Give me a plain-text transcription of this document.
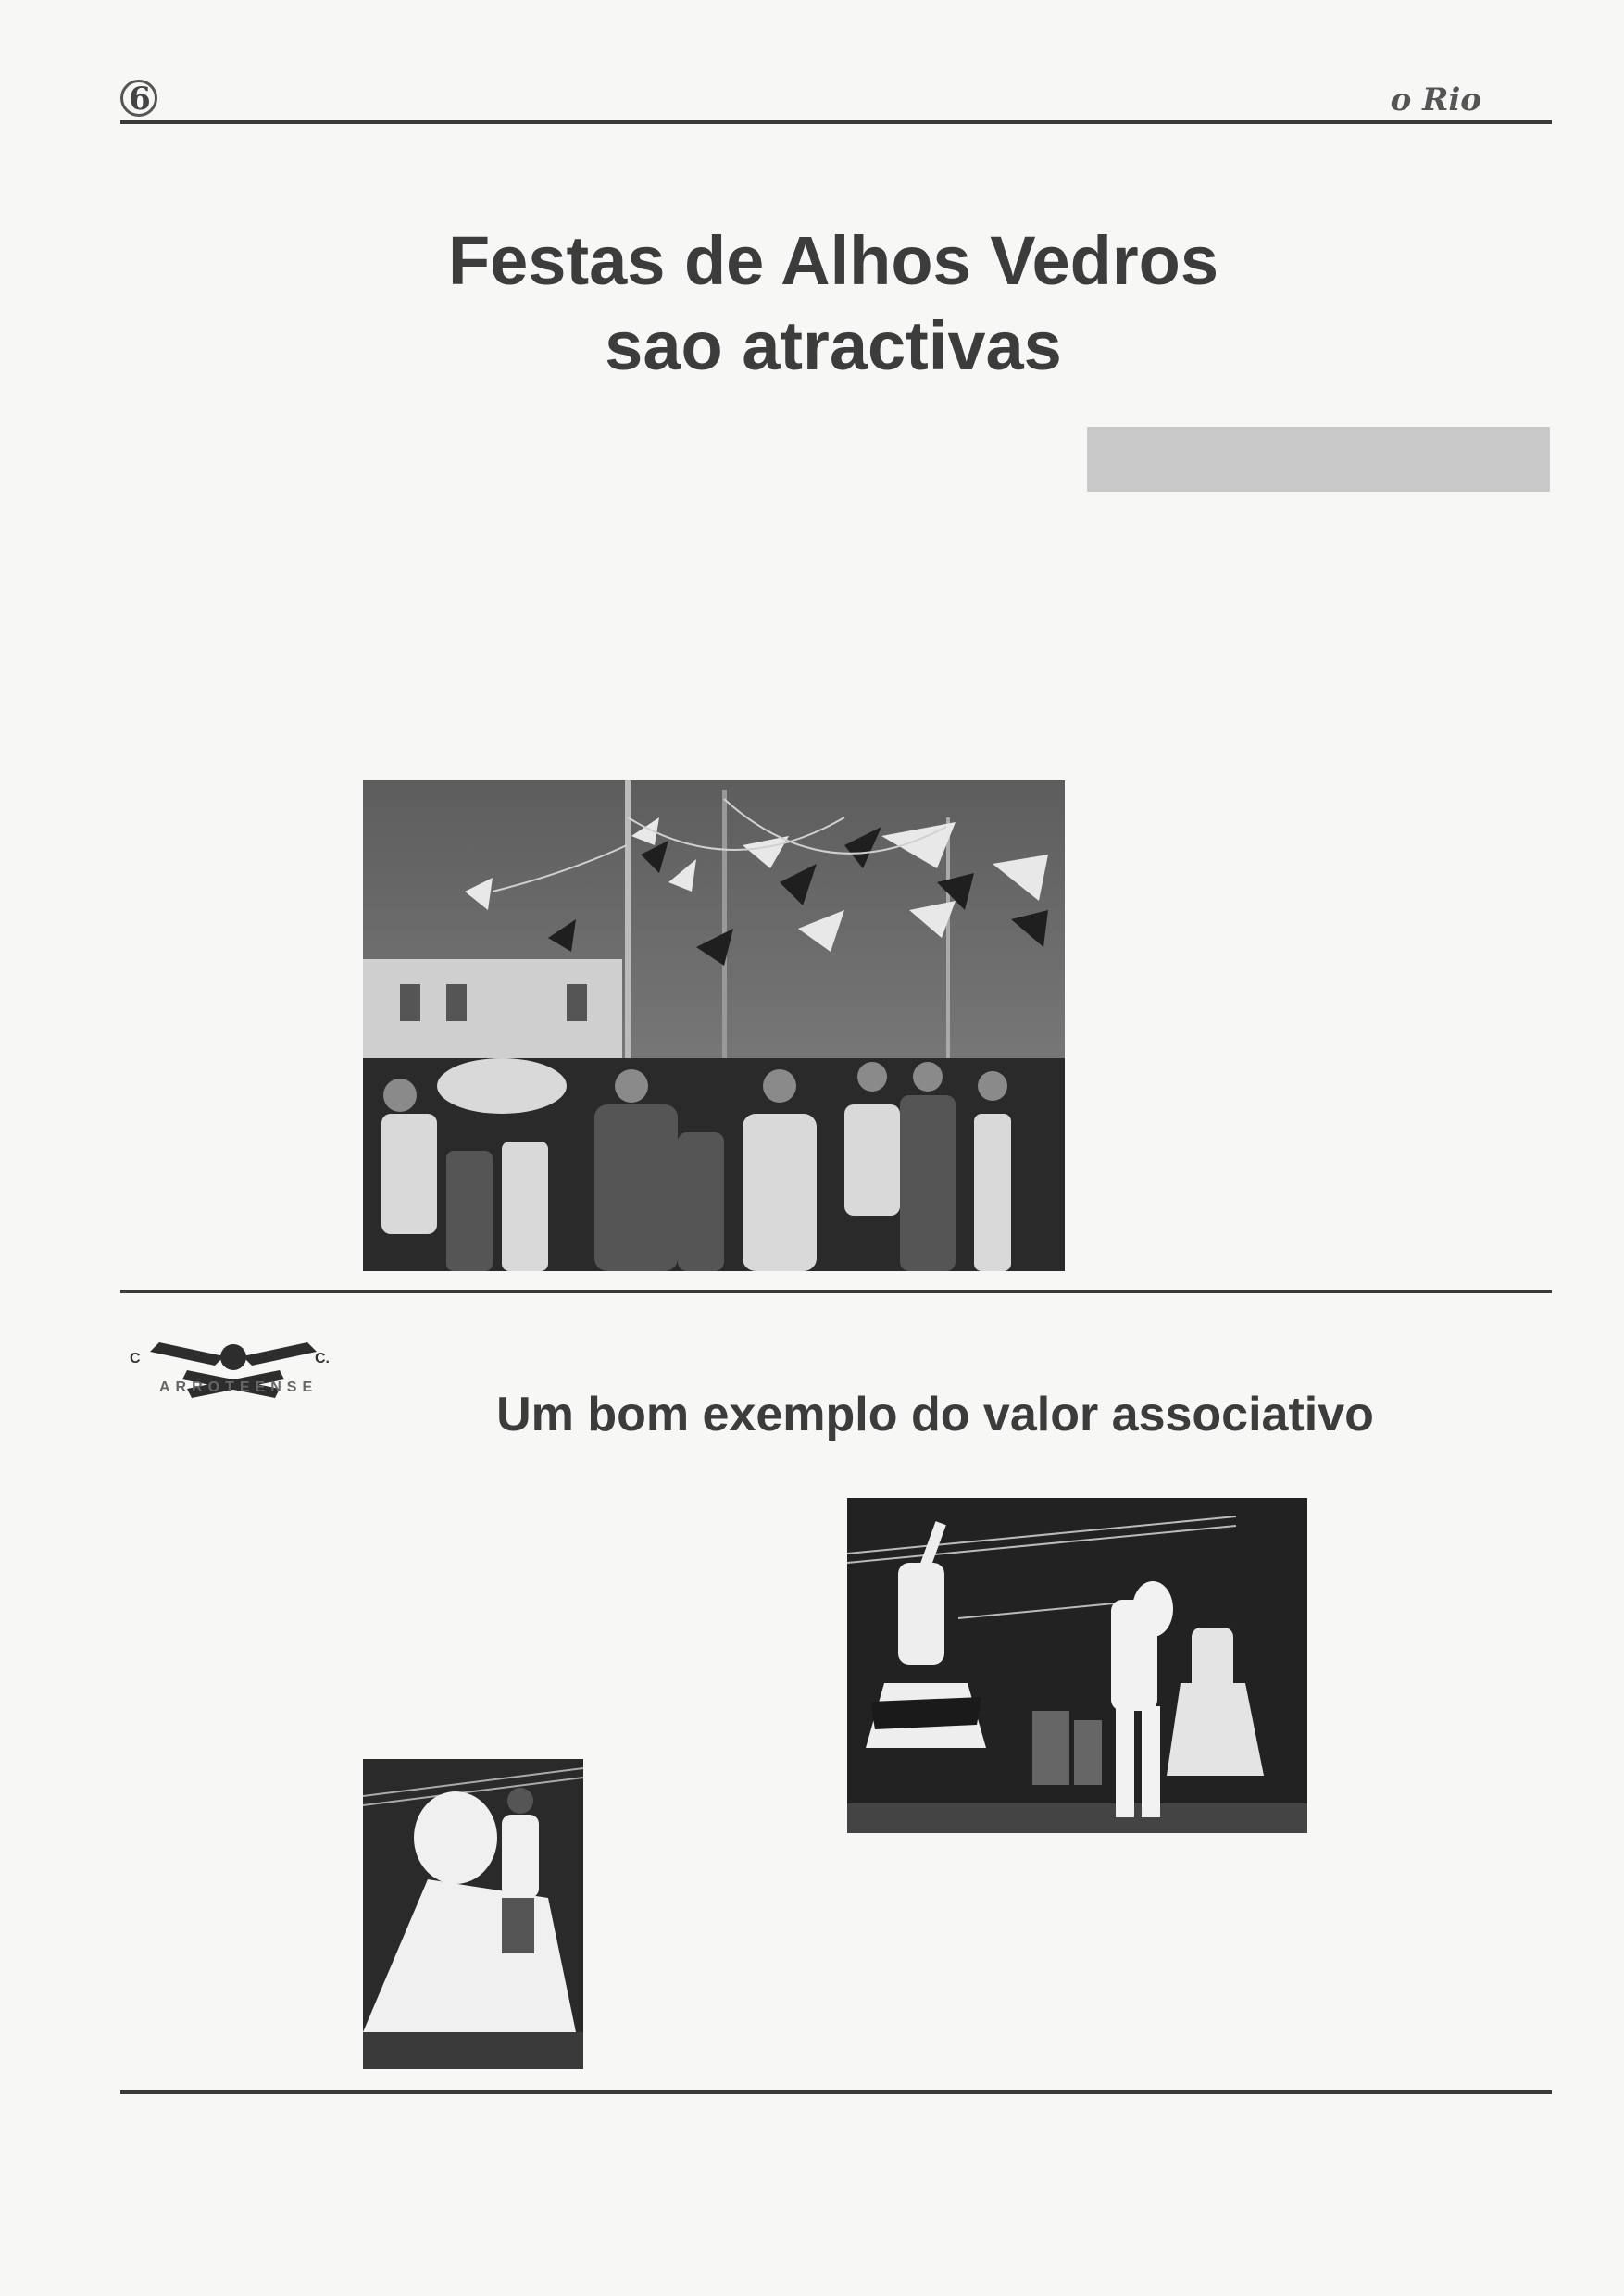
6	o Rio
Festas de Alhos Vedros
sao atractivas
C	C.
ARROTEENSE
Um bom exemplo do valor associativo
